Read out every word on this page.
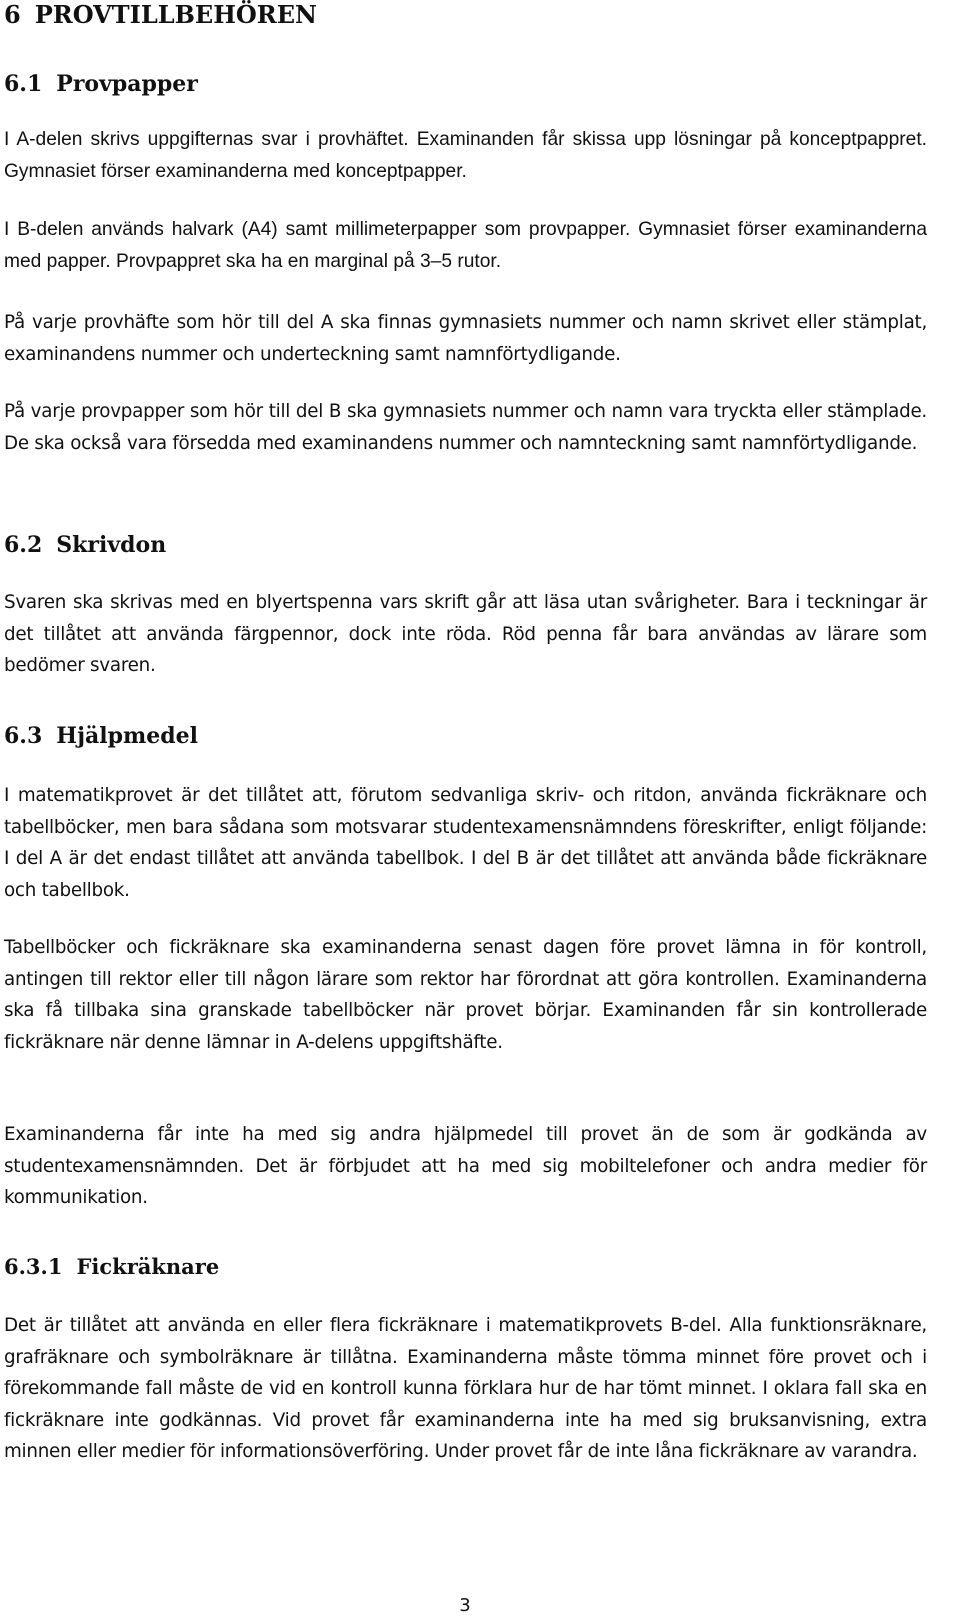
6 PROVTILLBEHÖREN
6.1 Provpapper

I A-delen skrivs uppgifternas svar i provhäftet. Examinanden får skissa upp lösningar på konceptpappret. Gymnasiet förser examinanderna med konceptpapper.

I B-delen används halvark (A4) samt millimeterpapper som provpapper. Gymnasiet förser examinanderna med papper. Provpappret ska ha en marginal på 3–5 rutor.

På varje provhäfte som hör till del A ska finnas gymnasiets nummer och namn skrivet eller stämplat, examinandens nummer och underteckning samt namnförtydligande.

På varje provpapper som hör till del B ska gymnasiets nummer och namn vara tryckta eller stämplade. De ska också vara försedda med examinandens nummer och namnteckning samt namnförtydligande.

6.2 Skrivdon

Svaren ska skrivas med en blyertspenna vars skrift går att läsa utan svårigheter. Bara i teckningar är det tillåtet att använda färgpennor, dock inte röda. Röd penna får bara användas av lärare som bedömer svaren.

6.3 Hjälpmedel

I matematikprovet är det tillåtet att, förutom sedvanliga skriv- och ritdon, använda fickräknare och tabellböcker, men bara sådana som motsvarar studentexamensnämndens föreskrifter, enligt följande: I del A är det endast tillåtet att använda tabellbok. I del B är det tillåtet att använda både fickräknare och tabellbok.

Tabellböcker och fickräknare ska examinanderna senast dagen före provet lämna in för kontroll, antingen till rektor eller till någon lärare som rektor har förordnat att göra kontrollen. Examinanderna ska få tillbaka sina granskade tabellböcker när provet börjar. Examinanden får sin kontrollerade fickräknare när denne lämnar in A-delens uppgiftshäfte.

Examinanderna får inte ha med sig andra hjälpmedel till provet än de som är godkända av studentexamensnämnden. Det är förbjudet att ha med sig mobiltelefoner och andra medier för kommunikation.

6.3.1 Fickräknare

Det är tillåtet att använda en eller flera fickräknare i matematikprovets B-del. Alla funktionsräknare, grafräknare och symbolräknare är tillåtna. Examinanderna måste tömma minnet före provet och i förekommande fall måste de vid en kontroll kunna förklara hur de har tömt minnet. I oklara fall ska en fickräknare inte godkännas. Vid provet får examinanderna inte ha med sig bruksanvisning, extra minnen eller medier för informationsöverföring. Under provet får de inte låna fickräknare av varandra.

3
